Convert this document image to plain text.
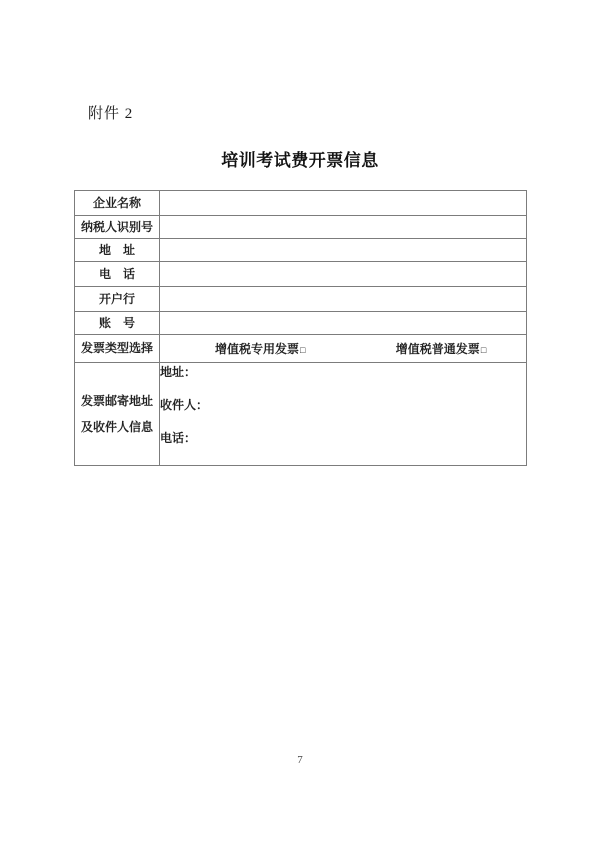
附件 2
培训考试费开票信息
企业名称	
纳税人识别号	
地　址	
电　话	
开户行	
账　号	
发票类型选择	增值税专用发票□ 增值税普通发票□

发票邮寄地址
及收件人信息

地址：
收件人：
电话：
7
